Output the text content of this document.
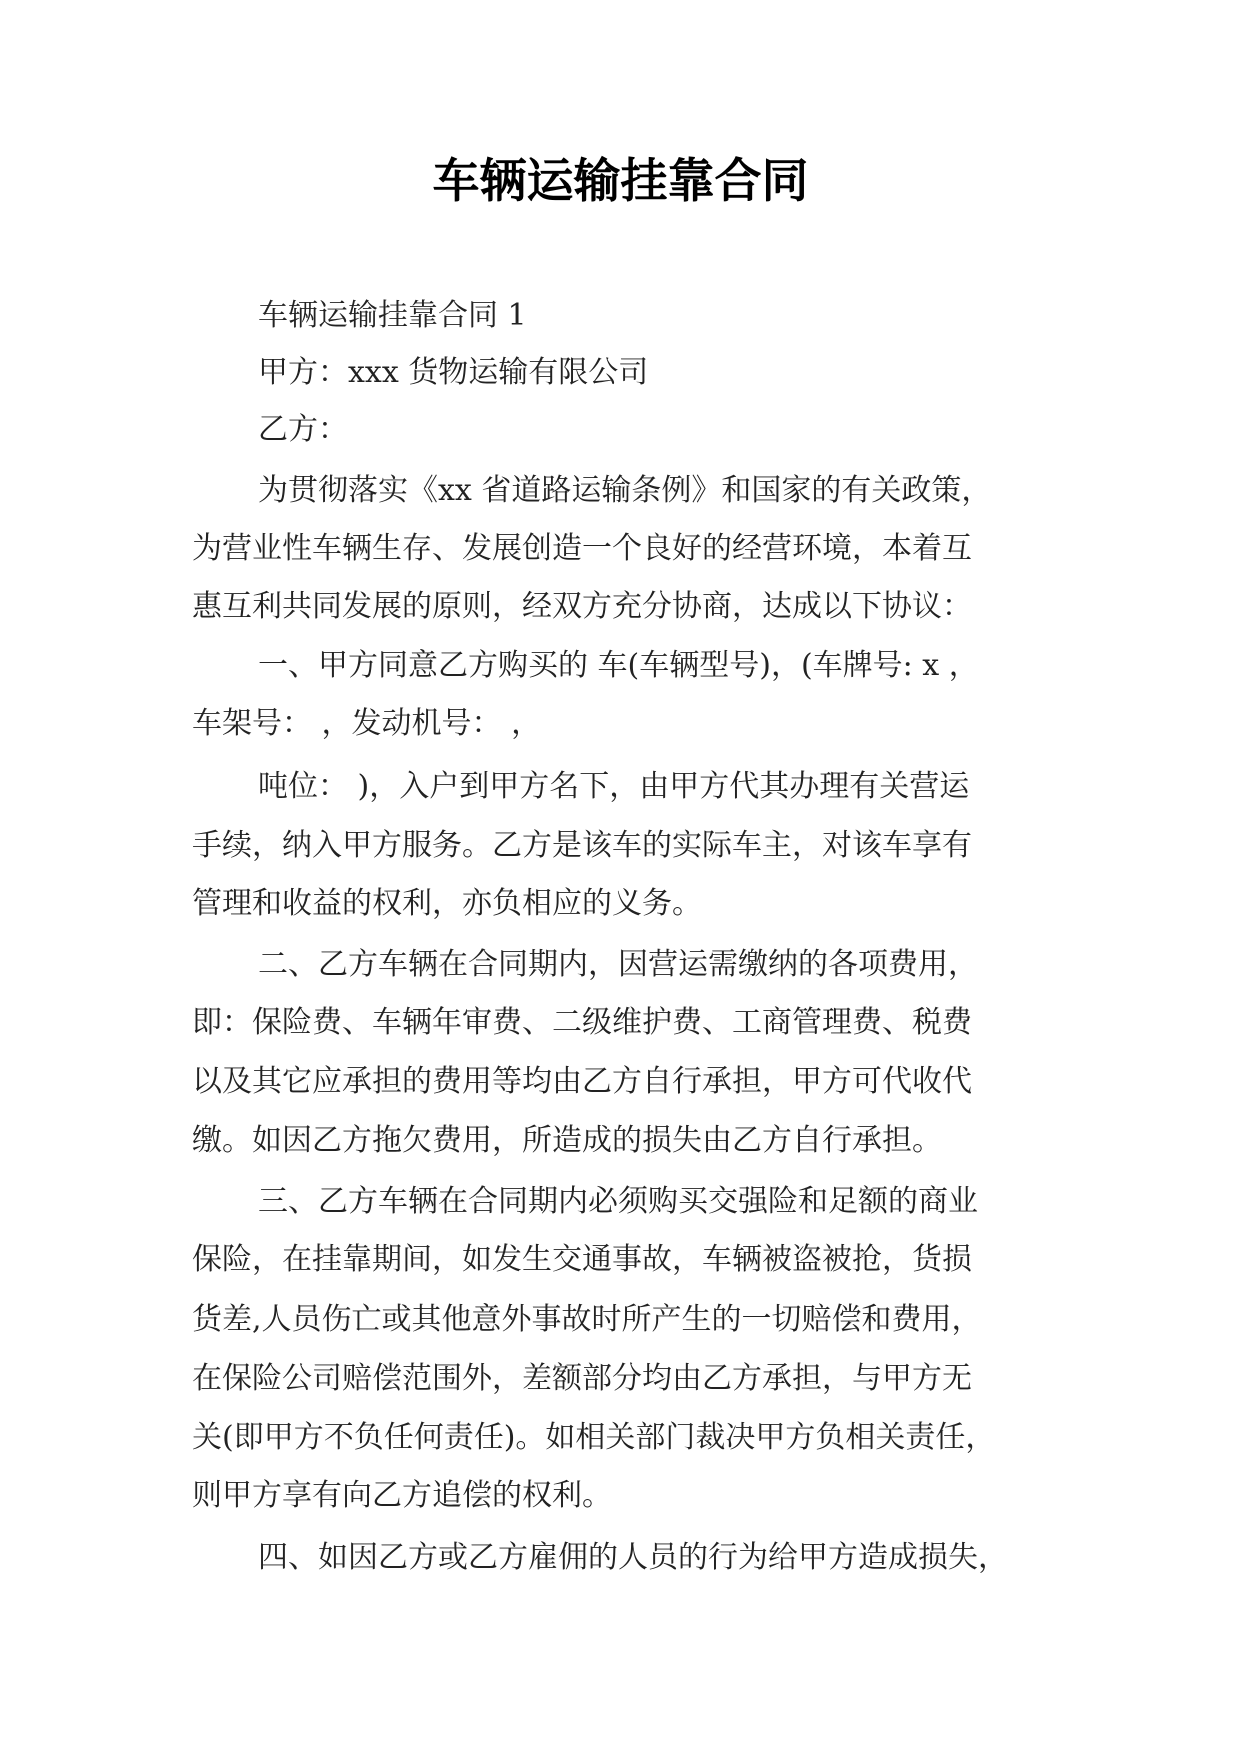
车辆运输挂靠合同

车辆运输挂靠合同 1

甲方：xxx 货物运输有限公司

乙方：

为贯彻落实《xx 省道路运输条例》和国家的有关政策，

为营业性车辆生存、发展创造一个良好的经营环境，本着互

惠互利共同发展的原则，经双方充分协商，达成以下协议：

一、甲方同意乙方购买的 车(车辆型号)，(车牌号: x ，

车架号： ，发动机号： ，

吨位： )，入户到甲方名下，由甲方代其办理有关营运

手续，纳入甲方服务。乙方是该车的实际车主，对该车享有

管理和收益的权利，亦负相应的义务。

二、乙方车辆在合同期内，因营运需缴纳的各项费用，

即：保险费、车辆年审费、二级维护费、工商管理费、税费

以及其它应承担的费用等均由乙方自行承担，甲方可代收代

缴。如因乙方拖欠费用，所造成的损失由乙方自行承担。

三、乙方车辆在合同期内必须购买交强险和足额的商业

保险，在挂靠期间，如发生交通事故，车辆被盗被抢，货损

货差,人员伤亡或其他意外事故时所产生的一切赔偿和费用，

在保险公司赔偿范围外，差额部分均由乙方承担，与甲方无

关(即甲方不负任何责任)。如相关部门裁决甲方负相关责任，

则甲方享有向乙方追偿的权利。

四、如因乙方或乙方雇佣的人员的行为给甲方造成损失，
